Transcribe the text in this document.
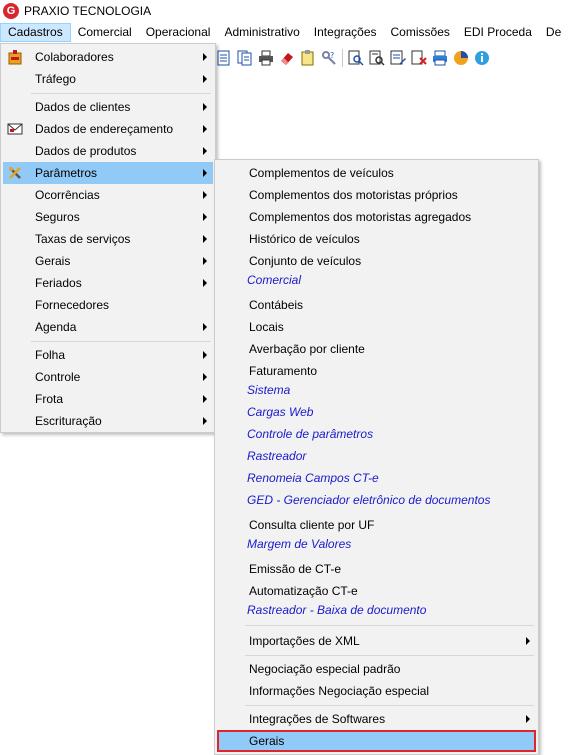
G PRAXIO TECNOLOGIA
Cadastros	Comercial	Operacional	Administrativo	Integrações	Comissões	EDI Proceda	De
?
Colaboradores
Tráfego
Dados de clientes
Dados de endereçamento
Dados de produtos
Parâmetros
Ocorrências
Seguros
Taxas de serviços
Gerais
Feriados
Fornecedores
Agenda
Folha
Controle
Frota
Escrituração
Complementos de veículos
Complementos dos motoristas próprios
Complementos dos motoristas agregados
Histórico de veículos
Conjunto de veículos
Comercial
Contábeis
Locais
Averbação por cliente
Faturamento
Sistema
Cargas Web
Controle de parâmetros
Rastreador
Renomeia Campos CT-e
GED - Gerenciador eletrônico de documentos
Consulta cliente por UF
Margem de Valores
Emissão de CT-e
Automatização CT-e
Rastreador - Baixa de documento
Importações de XML
Negociação especial padrão
Informações Negociação especial
Integrações de Softwares
Gerais
